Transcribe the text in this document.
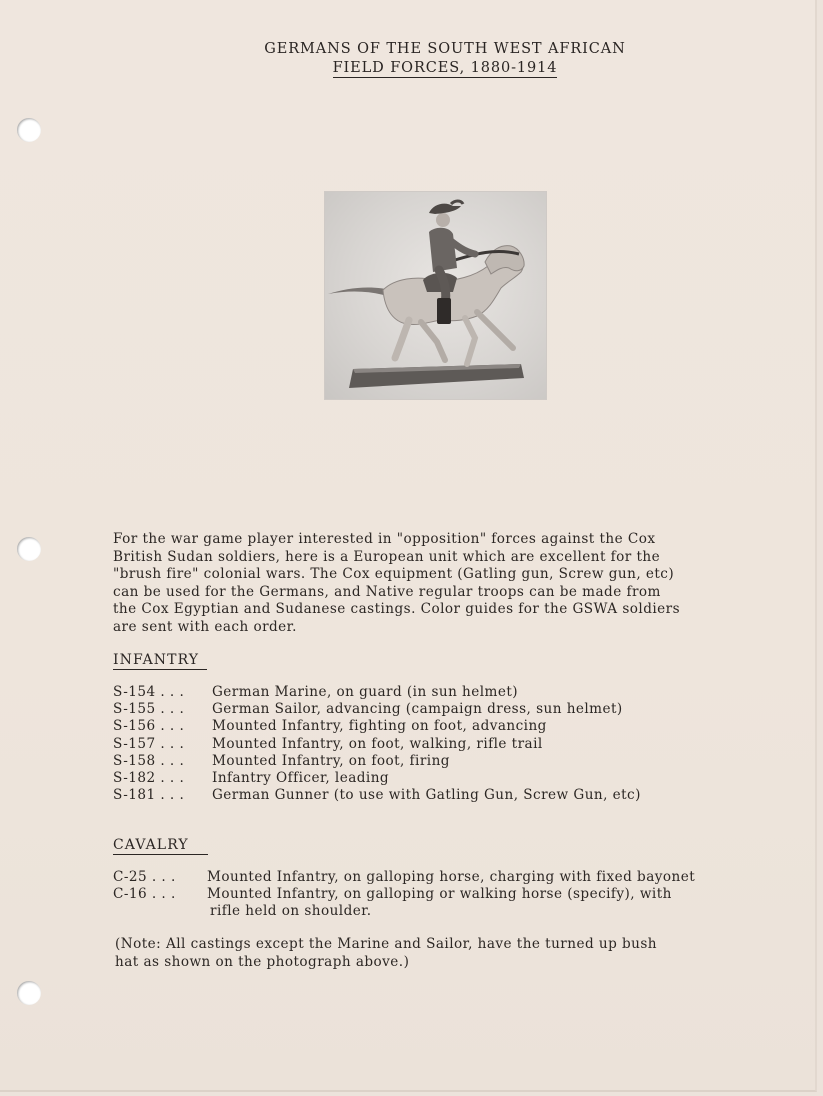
GERMANS OF THE SOUTH WEST AFRICAN
FIELD FORCES, 1880-1914
For the war game player interested in "opposition" forces against the Cox
British Sudan soldiers, here is a European unit which are excellent for the
"brush fire" colonial wars. The Cox equipment (Gatling gun, Screw gun, etc)
can be used for the Germans, and Native regular troops can be made from
the Cox Egyptian and Sudanese castings. Color guides for the GSWA soldiers
are sent with each order.
INFANTRY
S-154 . . .	German Marine, on guard (in sun helmet)
S-155 . . .	German Sailor, advancing (campaign dress, sun helmet)
S-156 . . .	Mounted Infantry, fighting on foot, advancing
S-157 . . .	Mounted Infantry, on foot, walking, rifle trail
S-158 . . .	Mounted Infantry, on foot, firing
S-182 . . .	Infantry Officer, leading
S-181 . . .	German Gunner (to use with Gatling Gun, Screw Gun, etc)
CAVALRY
C-25 . . .	Mounted Infantry, on galloping horse, charging with fixed bayonet
C-16 . . .	Mounted Infantry, on galloping or walking horse (specify), with
rifle held on shoulder.
(Note: All castings except the Marine and Sailor, have the turned up bush
hat as shown on the photograph above.)
